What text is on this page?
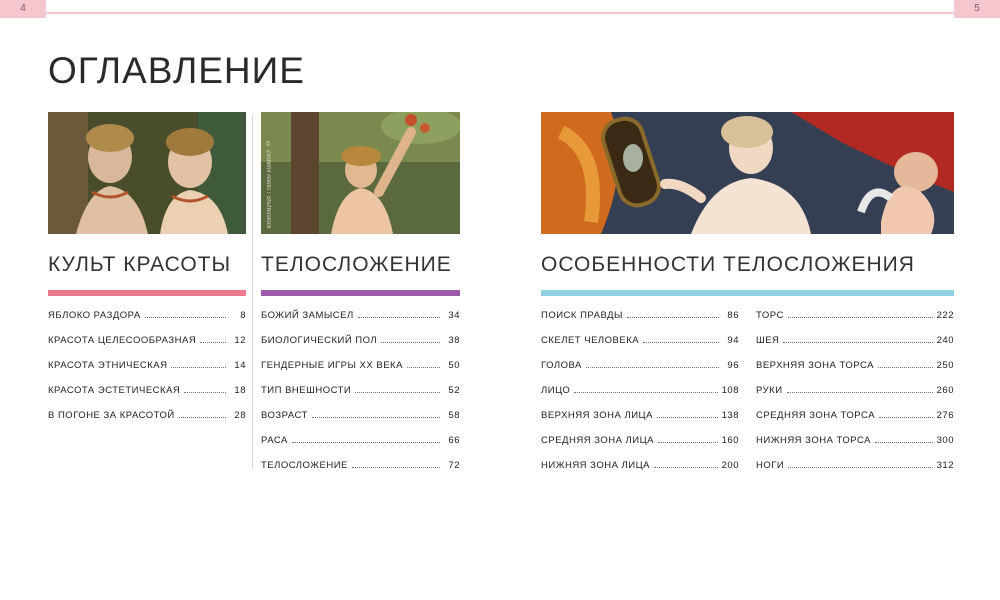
4	5
ОГЛАВЛЕНИЕ
КУЛЬТ КРАСОТЫ
ЯБЛОКО РАЗДОРА	8
КРАСОТА ЦЕЛЕСООБРАЗНАЯ	12
КРАСОТА ЭТНИЧЕСКАЯ	14
КРАСОТА ЭСТЕТИЧЕСКАЯ	18
В ПОГОНЕ ЗА КРАСОТОЙ	28
© Zvonimir Atletic / Shutterstock
ТЕЛОСЛОЖЕНИЕ
БОЖИЙ ЗАМЫСЕЛ	34
БИОЛОГИЧЕСКИЙ ПОЛ	38
ГЕНДЕРНЫЕ ИГРЫ XX ВЕКА	50
ТИП ВНЕШНОСТИ	52
ВОЗРАСТ	58
РАСА	66
ТЕЛОСЛОЖЕНИЕ	72
ОСОБЕННОСТИ ТЕЛОСЛОЖЕНИЯ
ПОИСК ПРАВДЫ	86
СКЕЛЕТ ЧЕЛОВЕКА	94
ГОЛОВА	96
ЛИЦО	108
ВЕРХНЯЯ ЗОНА ЛИЦА	138
СРЕДНЯЯ ЗОНА ЛИЦА	160
НИЖНЯЯ ЗОНА ЛИЦА	200
ТОРС	222
ШЕЯ	240
ВЕРХНЯЯ ЗОНА ТОРСА	250
РУКИ	260
СРЕДНЯЯ ЗОНА ТОРСА	276
НИЖНЯЯ ЗОНА ТОРСА	300
НОГИ	312
